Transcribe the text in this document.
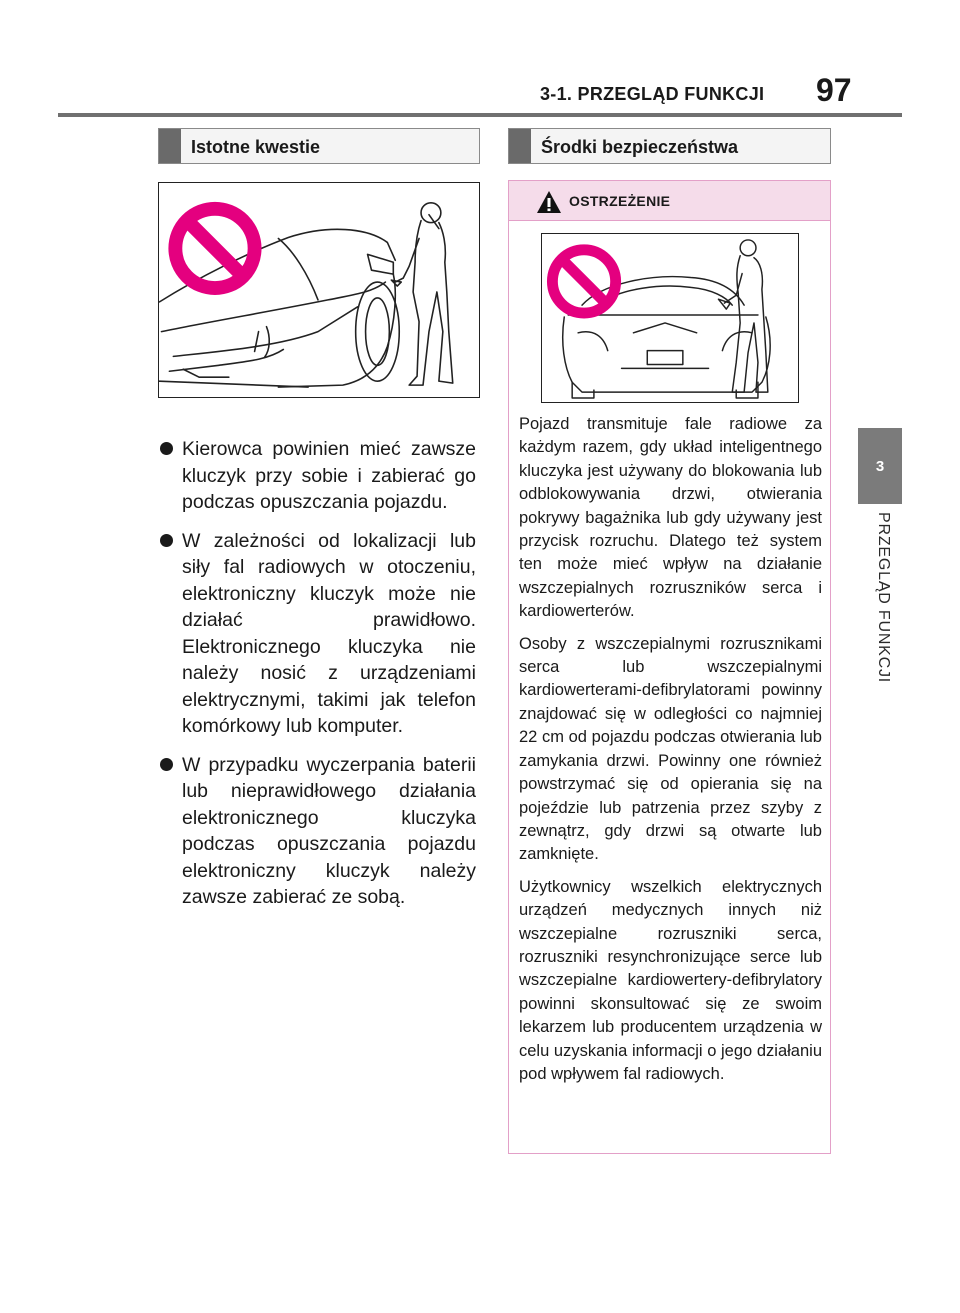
3-1. PRZEGLĄD FUNKCJI 97
3
PRZEGLĄD FUNKCJI
Istotne kwestie
Kierowca powinien mieć zawsze kluczyk przy sobie i zabierać go podczas opuszczania pojazdu.
W zależności od lokalizacji lub siły fal radiowych w otoczeniu, elektroniczny kluczyk może nie działać prawidłowo. Elektronicznego kluczyka nie należy nosić z urządzeniami elektrycznymi, takimi jak telefon komórkowy lub komputer.
W przypadku wyczerpania baterii lub nieprawidłowego działania elektronicznego kluczyka podczas opuszczania pojazdu elektroniczny kluczyk należy zawsze zabierać ze sobą.
Środki bezpieczeństwa
OSTRZEŻENIE

Pojazd transmituje fale radiowe za każdym razem, gdy układ inteligentnego kluczyka jest używany do blokowania lub odblokowywania drzwi, otwierania pokrywy bagażnika lub gdy używany jest przycisk rozruchu. Dlatego też system ten może mieć wpływ na działanie wszczepialnych rozruszników serca i kardiowerterów.

Osoby z wszczepialnymi rozrusznikami serca lub wszczepialnymi kardiowerterami-defibrylatorami powinny znajdować się w odległości co najmniej 22 cm od pojazdu podczas otwierania lub zamykania drzwi. Powinny one również powstrzymać się od opierania się na pojeździe lub patrzenia przez szyby z zewnątrz, gdy drzwi są otwarte lub zamknięte.

Użytkownicy wszelkich elektrycznych urządzeń medycznych innych niż wszczepialne rozruszniki serca, rozruszniki resynchronizujące serce lub wszczepialne kardiowertery-defibrylatory powinni skonsultować się ze swoim lekarzem lub producentem urządzenia w celu uzyskania informacji o jego działaniu pod wpływem fal radiowych.
